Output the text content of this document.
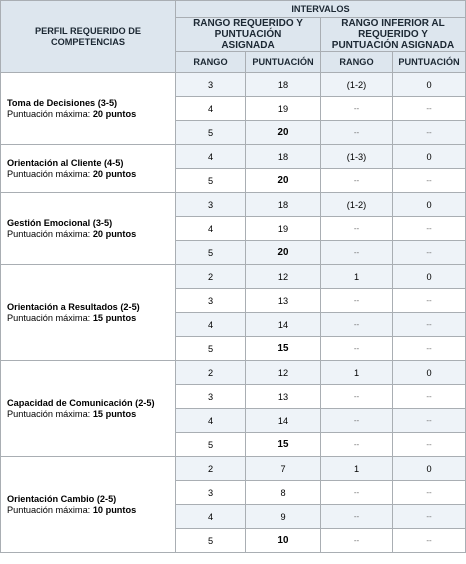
PERFIL REQUERIDO DE COMPETENCIAS	INTERVALOS			
	RANGO REQUERIDO Y PUNTUACIÓN ASIGNADA		RANGO INFERIOR AL REQUERIDO Y PUNTUACIÓN ASIGNADA	
	RANGO	PUNTUACIÓN	RANGO	PUNTUACIÓN

Toma de Decisiones (3-5)
Puntuación máxima: 20 puntos	3	18	(1-2)	0
	4	19	--	--
	5	20	--	--

Orientación al Cliente (4-5)
Puntuación máxima: 20 puntos	4	18	(1-3)	0
	5	20	--	--

Gestión Emocional (3-5)
Puntuación máxima: 20 puntos	3	18	(1-2)	0
	4	19	--	--
	5	20	--	--

Orientación a Resultados (2-5)
Puntuación máxima: 15 puntos	2	12	1	0
	3	13	--	--
	4	14	--	--
	5	15	--	--

Capacidad de Comunicación (2-5)
Puntuación máxima: 15 puntos	2	12	1	0
	3	13	--	--
	4	14	--	--
	5	15	--	--

Orientación Cambio (2-5)
Puntuación máxima: 10 puntos	2	7	1	0
	3	8	--	--
	4	9	--	--
	5	10	--	--
